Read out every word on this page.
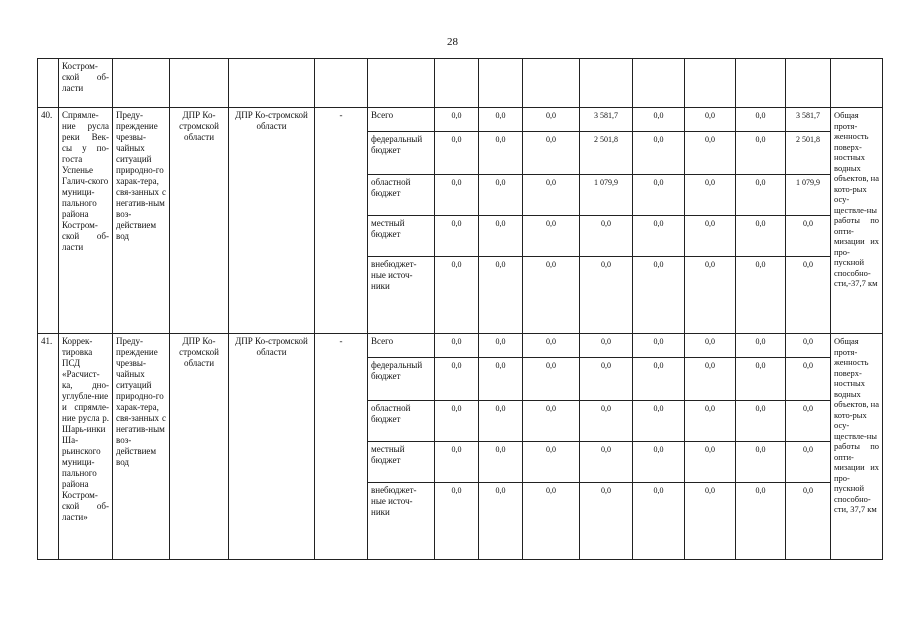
28
	Костром-ской об-ласти														
40.	Спрямле-ние русла реки Век-сы у по-госта Успенье Галич-ского муници-пального района Костром-ской об-ласти	Преду-преждение чрезвы-чайных ситуаций природно-го харак-тера, свя-занных с негатив-ным воз-действием вод	ДПР Ко-стромской области	ДПР Ко-стромской области	-	Всего	0,0	0,0	0,0	3 581,7	0,0	0,0	0,0	3 581,7	Общая протя-женность поверх-ностных водных объектов, на кото-рых осу-ществле-ны работы по опти-мизации их про-пускной способно-сти,-37,7 км
						федеральный бюджет	0,0	0,0	0,0	2 501,8	0,0	0,0	0,0	2 501,8	
						областной бюджет	0,0	0,0	0,0	1 079,9	0,0	0,0	0,0	1 079,9	
						местный бюджет	0,0	0,0	0,0	0,0	0,0	0,0	0,0	0,0	
						внебюджет-ные источ-ники	0,0	0,0	0,0	0,0	0,0	0,0	0,0	0,0	
41.	Коррек-тировка ПСД «Расчист-ка, дно-углубле-ние и спрямле-ние русла р. Шарь-инки Ша-рьинского муници-пального района Костром-ской об-ласти»	Преду-преждение чрезвы-чайных ситуаций природно-го харак-тера, свя-занных с негатив-ным воз-действием вод	ДПР Ко-стромской области	ДПР Ко-стромской области	-	Всего	0,0	0,0	0,0	0,0	0,0	0,0	0,0	0,0	Общая протя-женность поверх-ностных водных объектов, на кото-рых осу-ществле-ны работы по опти-мизации их про-пускной способно-сти, 37,7 км
						федеральный бюджет	0,0	0,0	0,0	0,0	0,0	0,0	0,0	0,0	
						областной бюджет	0,0	0,0	0,0	0,0	0,0	0,0	0,0	0,0	
						местный бюджет	0,0	0,0	0,0	0,0	0,0	0,0	0,0	0,0	
						внебюджет-ные источ-ники	0,0	0,0	0,0	0,0	0,0	0,0	0,0	0,0	
